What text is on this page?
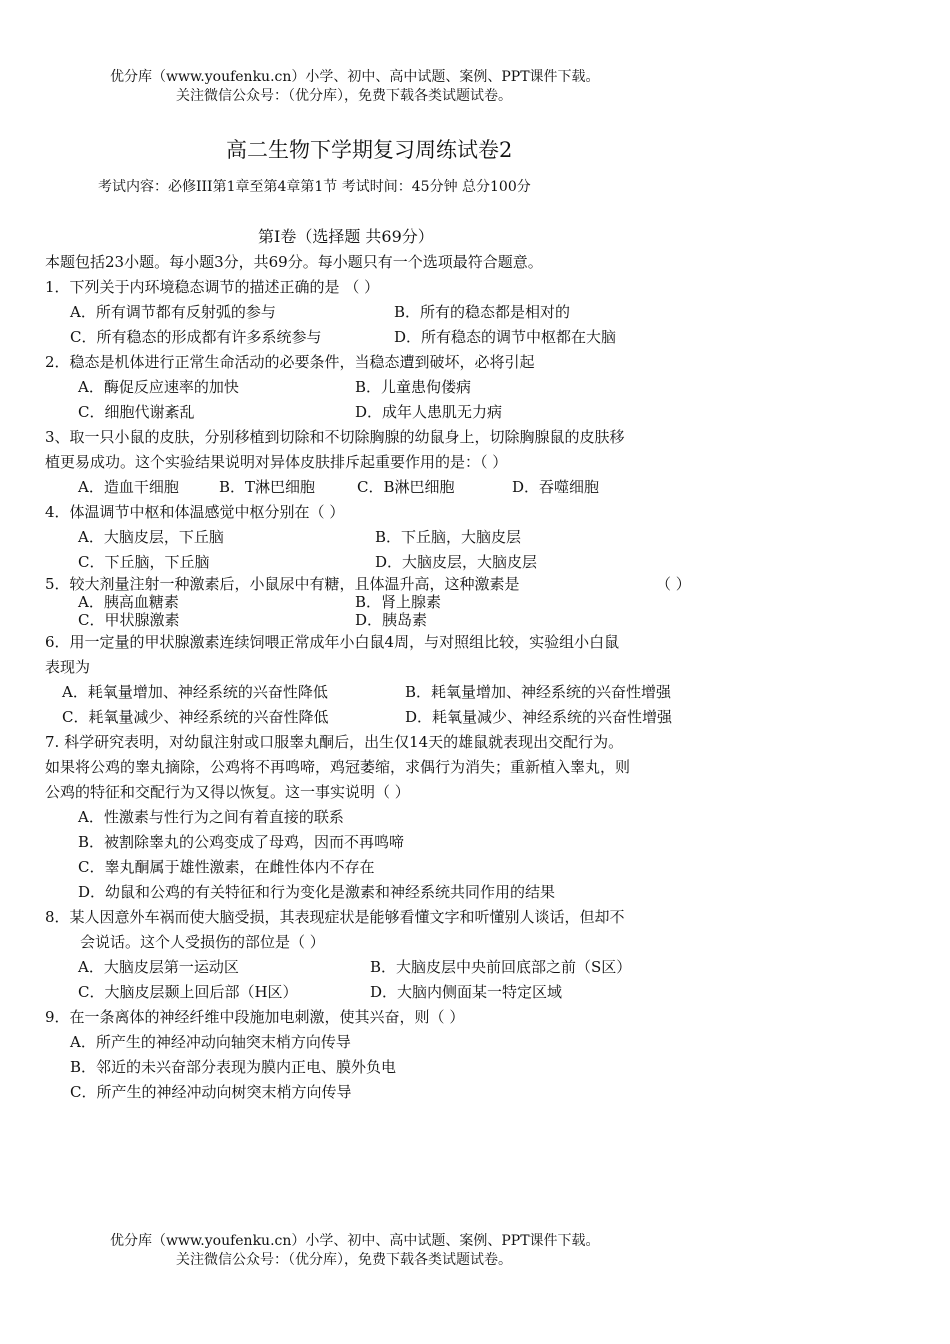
优分库（www.youfenku.cn）小学、初中、高中试题、案例、PPT课件下载。
关注微信公众号：（优分库），免费下载各类试题试卷。
高二生物下学期复习周练试卷2
考试内容：必修III第1章至第4章第1节 考试时间：45分钟 总分100分
第Ⅰ卷（选择题 共69分）
本题包括23小题。每小题3分，共69分。每小题只有一个选项最符合题意。
1．下列关于内环境稳态调节的描述正确的是 （ ）
A．所有调节都有反射弧的参与	B．所有的稳态都是相对的
C．所有稳态的形成都有许多系统参与	D．所有稳态的调节中枢都在大脑
2．稳态是机体进行正常生命活动的必要条件，当稳态遭到破坏，必将引起
A．酶促反应速率的加快	B．儿童患佝偻病
C．细胞代谢紊乱	D．成年人患肌无力病
3、取一只小鼠的皮肤，分别移植到切除和不切除胸腺的幼鼠身上，切除胸腺鼠的皮肤移
植更易成功。这个实验结果说明对异体皮肤排斥起重要作用的是：（ ）
A．造血干细胞	B．T淋巴细胞	C．B淋巴细胞	D．吞噬细胞
4．体温调节中枢和体温感觉中枢分别在（ ）
A．大脑皮层，下丘脑	B．下丘脑，大脑皮层
C．下丘脑，下丘脑	D．大脑皮层，大脑皮层
5．较大剂量注射一种激素后，小鼠尿中有糖，且体温升高，这种激素是	（ ）
A．胰高血糖素	B．肾上腺素
C．甲状腺激素	D．胰岛素
6．用一定量的甲状腺激素连续饲喂正常成年小白鼠4周，与对照组比较，实验组小白鼠
表现为
A．耗氧量增加、神经系统的兴奋性降低	B．耗氧量增加、神经系统的兴奋性增强
C．耗氧量减少、神经系统的兴奋性降低	D．耗氧量减少、神经系统的兴奋性增强
7. 科学研究表明，对幼鼠注射或口服睾丸酮后，出生仅14天的雄鼠就表现出交配行为。
如果将公鸡的睾丸摘除，公鸡将不再鸣啼，鸡冠萎缩，求偶行为消失；重新植入睾丸，则
公鸡的特征和交配行为又得以恢复。这一事实说明（ ）
A．性激素与性行为之间有着直接的联系
B．被割除睾丸的公鸡变成了母鸡，因而不再鸣啼
C．睾丸酮属于雄性激素，在雌性体内不存在
D．幼鼠和公鸡的有关特征和行为变化是激素和神经系统共同作用的结果
8．某人因意外车祸而使大脑受损，其表现症状是能够看懂文字和听懂别人谈话，但却不
会说话。这个人受损伤的部位是（ ）
A．大脑皮层第一运动区	B．大脑皮层中央前回底部之前（S区）
C．大脑皮层颞上回后部（H区）	D．大脑内侧面某一特定区域
9．在一条离体的神经纤维中段施加电刺激，使其兴奋，则（ ）
A．所产生的神经冲动向轴突末梢方向传导
B．邻近的未兴奋部分表现为膜内正电、膜外负电
C．所产生的神经冲动向树突末梢方向传导
优分库（www.youfenku.cn）小学、初中、高中试题、案例、PPT课件下载。
关注微信公众号：（优分库），免费下载各类试题试卷。
